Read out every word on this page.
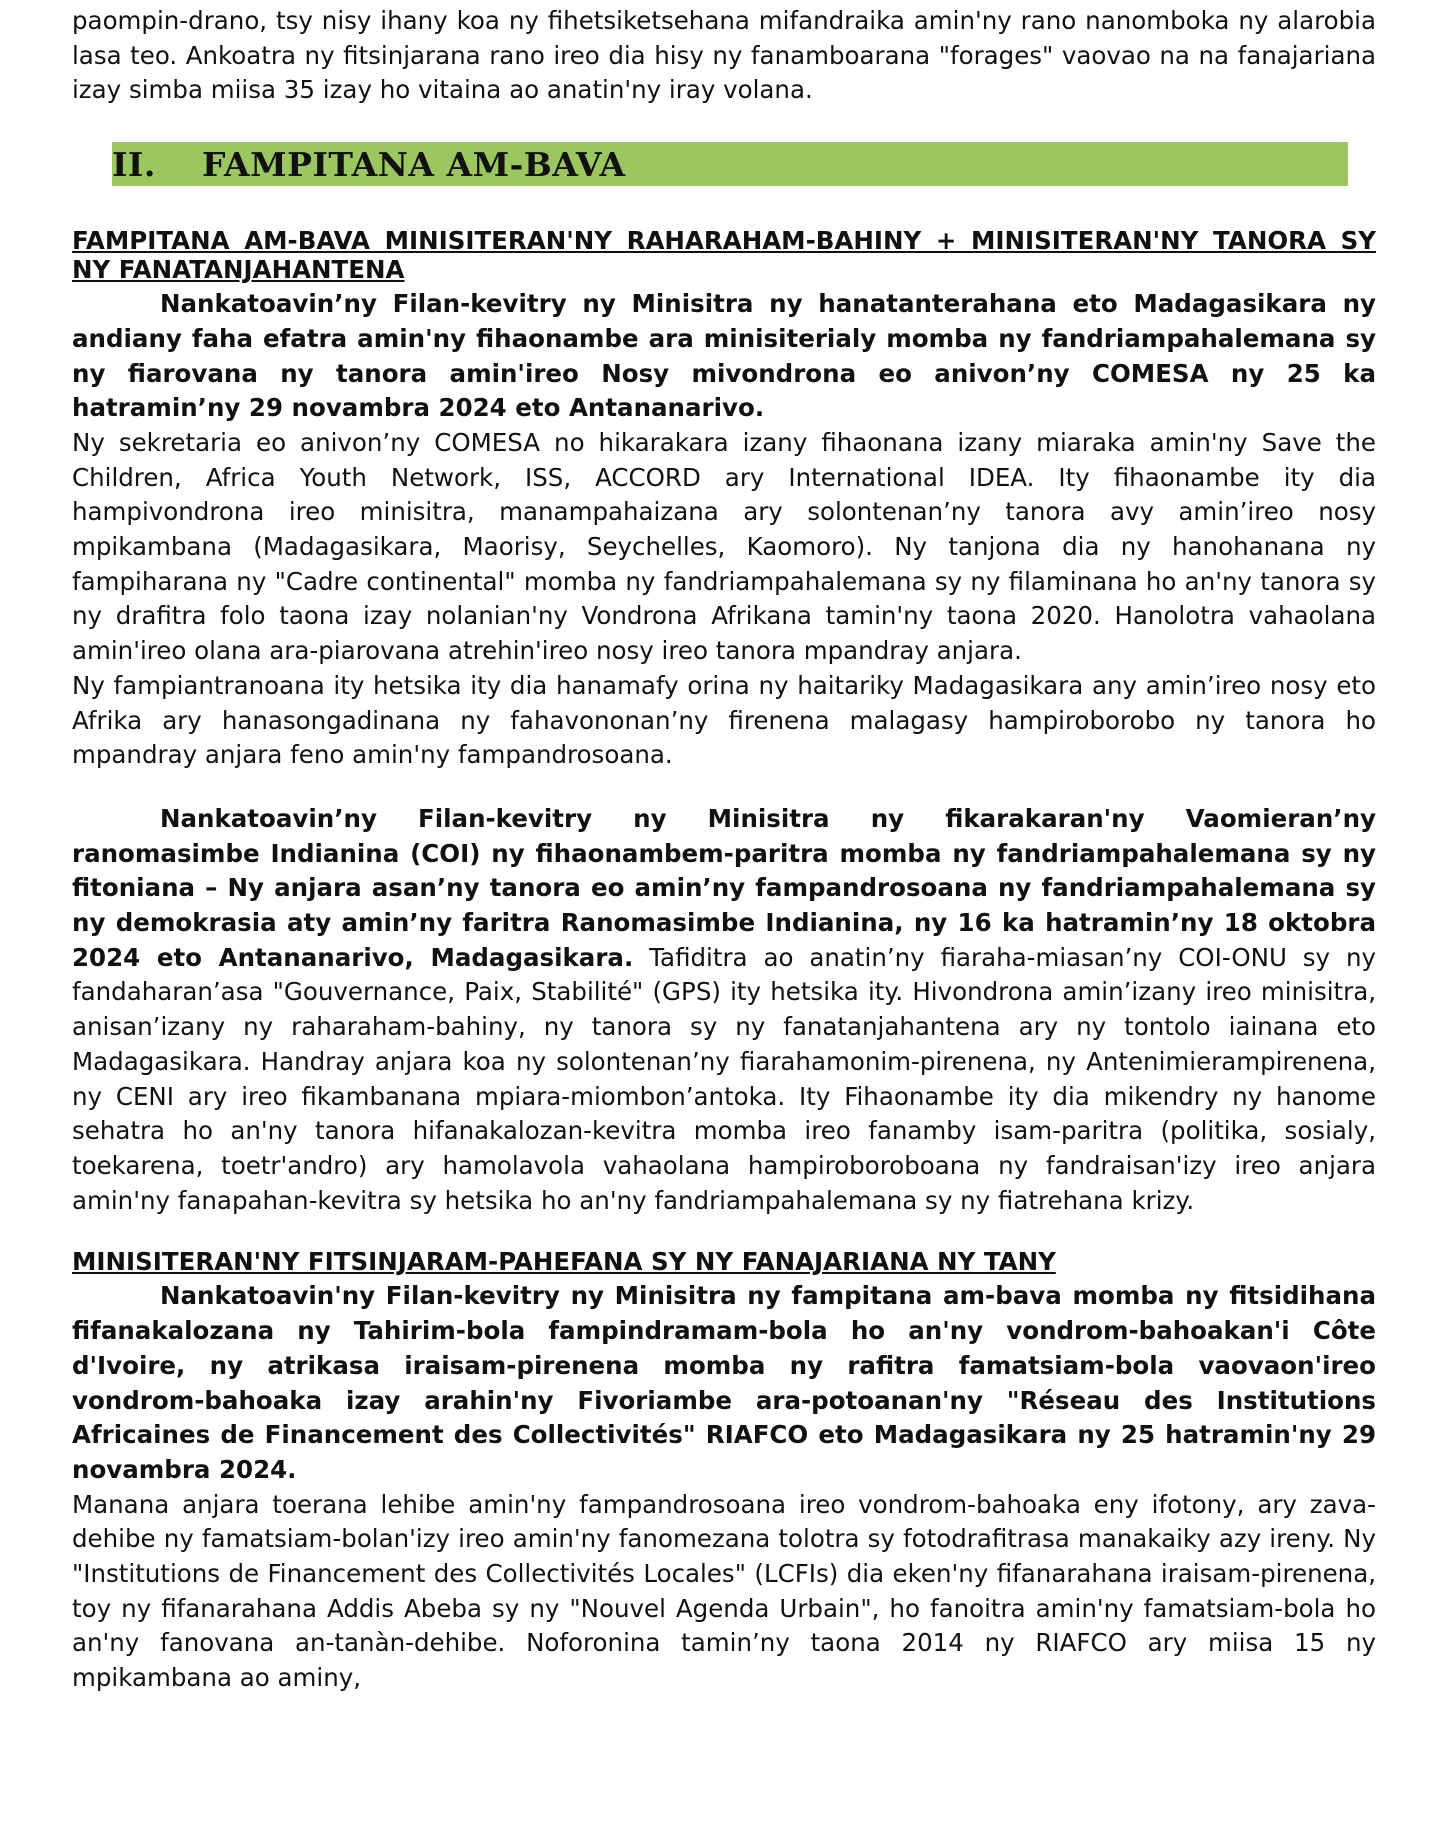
paompin-drano, tsy nisy ihany koa ny fihetsiketsehana mifandraika amin'ny rano nanomboka ny alarobia lasa teo. Ankoatra ny fitsinjarana rano ireo dia hisy ny fanamboarana "forages" vaovao na na fanajariana izay simba miisa 35 izay ho vitaina ao anatin'ny iray volana.

II.	FAMPITANA AM-BAVA

FAMPITANA AM-BAVA MINISITERAN'NY RAHARAHAM-BAHINY + MINISITERAN'NY TANORA SY NY FANATANJAHANTENA

Nankatoavin’ny Filan-kevitry ny Minisitra ny hanatanterahana eto Madagasikara ny andiany faha efatra amin'ny fihaonambe ara minisiterialy momba ny fandriampahalemana sy ny fiarovana ny tanora amin'ireo Nosy mivondrona eo anivon’ny COMESA ny 25 ka hatramin’ny 29 novambra 2024 eto Antananarivo.

Ny sekretaria eo anivon’ny COMESA no hikarakara izany fihaonana izany miaraka amin'ny Save the Children, Africa Youth Network, ISS, ACCORD ary International IDEA. Ity fihaonambe ity dia hampivondrona ireo minisitra, manampahaizana ary solontenan’ny tanora avy amin’ireo nosy mpikambana (Madagasikara, Maorisy, Seychelles, Kaomoro). Ny tanjona dia ny hanohanana ny fampiharana ny "Cadre continental" momba ny fandriampahalemana sy ny filaminana ho an'ny tanora sy ny drafitra folo taona izay nolanian'ny Vondrona Afrikana tamin'ny taona 2020. Hanolotra vahaolana amin'ireo olana ara-piarovana atrehin'ireo nosy ireo tanora mpandray anjara.

Ny fampiantranoana ity hetsika ity dia hanamafy orina ny haitariky Madagasikara any amin’ireo nosy eto Afrika ary hanasongadinana ny fahavononan’ny firenena malagasy hampiroborobo ny tanora ho mpandray anjara feno amin'ny fampandrosoana.

Nankatoavin’ny Filan-kevitry ny Minisitra ny fikarakaran'ny Vaomieran’ny ranomasimbe Indianina (COI) ny fihaonambem-paritra momba ny fandriampahalemana sy ny fitoniana – Ny anjara asan’ny tanora eo amin’ny fampandrosoana ny fandriampahalemana sy ny demokrasia aty amin’ny faritra Ranomasimbe Indianina, ny 16 ka hatramin’ny 18 oktobra 2024 eto Antananarivo, Madagasikara. Tafiditra ao anatin’ny fiaraha-miasan’ny COI-ONU sy ny fandaharan’asa "Gouvernance, Paix, Stabilité" (GPS) ity hetsika ity. Hivondrona amin’izany ireo minisitra, anisan’izany ny raharaham-bahiny, ny tanora sy ny fanatanjahantena ary ny tontolo iainana eto Madagasikara. Handray anjara koa ny solontenan’ny fiarahamonim-pirenena, ny Antenimierampirenena, ny CENI ary ireo fikambanana mpiara-miombon’antoka. Ity Fihaonambe ity dia mikendry ny hanome sehatra ho an'ny tanora hifanakalozan-kevitra momba ireo fanamby isam-paritra (politika, sosialy, toekarena, toetr'andro) ary hamolavola vahaolana hampiroboroboana ny fandraisan'izy ireo anjara amin'ny fanapahan-kevitra sy hetsika ho an'ny fandriampahalemana sy ny fiatrehana krizy.

MINISITERAN'NY FITSINJARAM-PAHEFANA SY NY FANAJARIANA NY TANY

Nankatoavin'ny Filan-kevitry ny Minisitra ny fampitana am-bava momba ny fitsidihana fifanakalozana ny Tahirim-bola fampindramam-bola ho an'ny vondrom-bahoakan'i Côte d'Ivoire, ny atrikasa iraisam-pirenena momba ny rafitra famatsiam-bola vaovaon'ireo vondrom-bahoaka izay arahin'ny Fivoriambe ara-potoanan'ny "Réseau des Institutions Africaines de Financement des Collectivités" RIAFCO eto Madagasikara ny 25 hatramin'ny 29 novambra 2024.

Manana anjara toerana lehibe amin'ny fampandrosoana ireo vondrom-bahoaka eny ifotony, ary zava-dehibe ny famatsiam-bolan'izy ireo amin'ny fanomezana tolotra sy fotodrafitrasa manakaiky azy ireny. Ny "Institutions de Financement des Collectivités Locales" (LCFIs) dia eken'ny fifanarahana iraisam-pirenena, toy ny fifanarahana Addis Abeba sy ny "Nouvel Agenda Urbain", ho fanoitra amin'ny famatsiam-bola ho an'ny fanovana an-tanàn-dehibe. Noforonina tamin’ny taona 2014 ny RIAFCO ary miisa 15 ny mpikambana ao aminy,
